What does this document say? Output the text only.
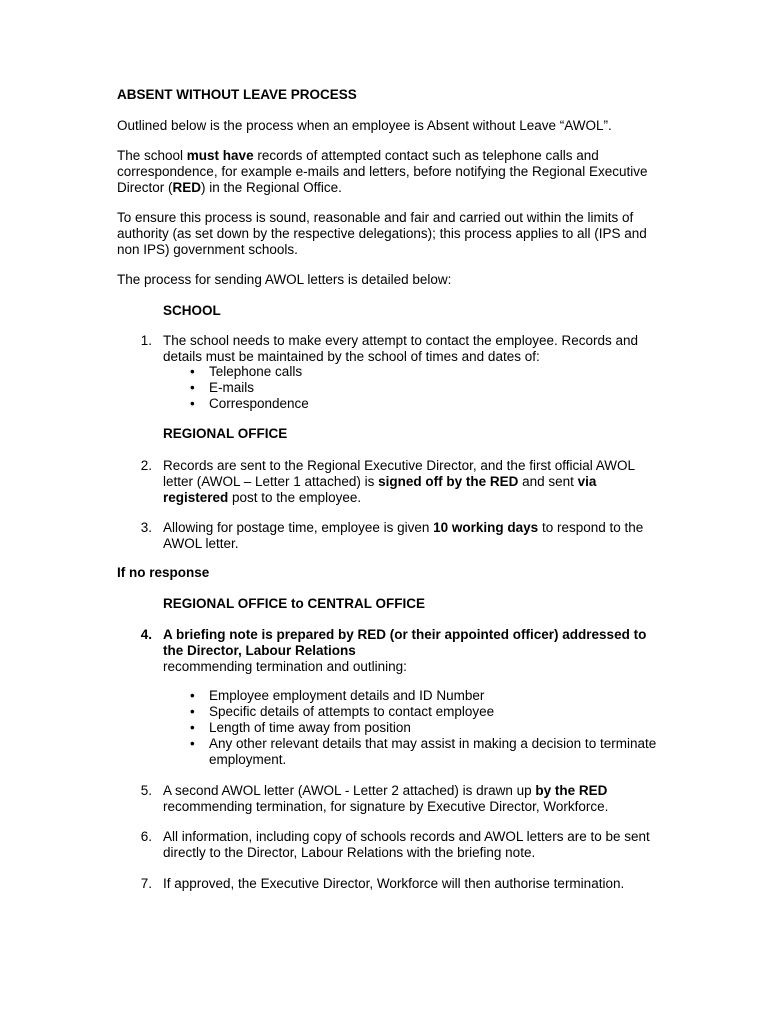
ABSENT WITHOUT LEAVE PROCESS

Outlined below is the process when an employee is Absent without Leave “AWOL”.

The school must have records of attempted contact such as telephone calls and correspondence, for example e-mails and letters, before notifying the Regional Executive Director (RED) in the Regional Office.

To ensure this process is sound, reasonable and fair and carried out within the limits of authority (as set down by the respective delegations); this process applies to all (IPS and non IPS) government schools.

The process for sending AWOL letters is detailed below:

SCHOOL

1. The school needs to make every attempt to contact the employee. Records and details must be maintained by the school of times and dates of:
• Telephone calls
• E-mails
• Correspondence

REGIONAL OFFICE

2. Records are sent to the Regional Executive Director, and the first official AWOL letter (AWOL – Letter 1 attached) is signed off by the RED and sent via registered post to the employee.
3. Allowing for postage time, employee is given 10 working days to respond to the AWOL letter.

If no response

REGIONAL OFFICE to CENTRAL OFFICE

4. A briefing note is prepared by RED (or their appointed officer) addressed to the Director, Labour Relations
recommending termination and outlining:
• Employee employment details and ID Number
• Specific details of attempts to contact employee
• Length of time away from position
• Any other relevant details that may assist in making a decision to terminate employment.
5. A second AWOL letter (AWOL - Letter 2 attached) is drawn up by the RED recommending termination, for signature by Executive Director, Workforce.
6. All information, including copy of schools records and AWOL letters are to be sent directly to the Director, Labour Relations with the briefing note.
7. If approved, the Executive Director, Workforce will then authorise termination.
